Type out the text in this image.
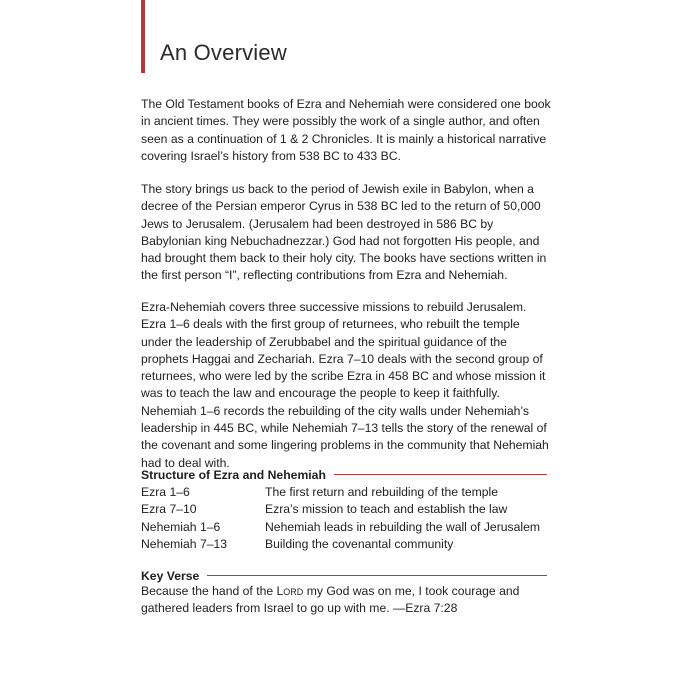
An Overview

The Old Testament books of Ezra and Nehemiah were considered one book in ancient times. They were possibly the work of a single author, and often seen as a continuation of 1 & 2 Chronicles. It is mainly a historical narrative covering Israel’s history from 538 BC to 433 BC.

The story brings us back to the period of Jewish exile in Babylon, when a decree of the Persian emperor Cyrus in 538 BC led to the return of 50,000 Jews to Jerusalem. (Jerusalem had been destroyed in 586 BC by Babylonian king Nebuchadnezzar.) God had not forgotten His people, and had brought them back to their holy city. The books have sections written in the first person “I”, reflecting contributions from Ezra and Nehemiah.

Ezra-Nehemiah covers three successive missions to rebuild Jerusalem. Ezra 1–6 deals with the first group of returnees, who rebuilt the temple under the leadership of Zerubbabel and the spiritual guidance of the prophets Haggai and Zechariah. Ezra 7–10 deals with the second group of returnees, who were led by the scribe Ezra in 458 BC and whose mission it was to teach the law and encourage the people to keep it faithfully. Nehemiah 1–6 records the rebuilding of the city walls under Nehemiah’s leadership in 445 BC, while Nehemiah 7–13 tells the story of the renewal of the covenant and some lingering problems in the community that Nehemiah had to deal with.

Structure of Ezra and Nehemiah
Ezra 1–6	The first return and rebuilding of the temple
Ezra 7–10	Ezra’s mission to teach and establish the law
Nehemiah 1–6	Nehemiah leads in rebuilding the wall of Jerusalem
Nehemiah 7–13	Building the covenantal community
Key Verse

Because the hand of the Lord my God was on me, I took courage and gathered leaders from Israel to go up with me. —Ezra 7:28
